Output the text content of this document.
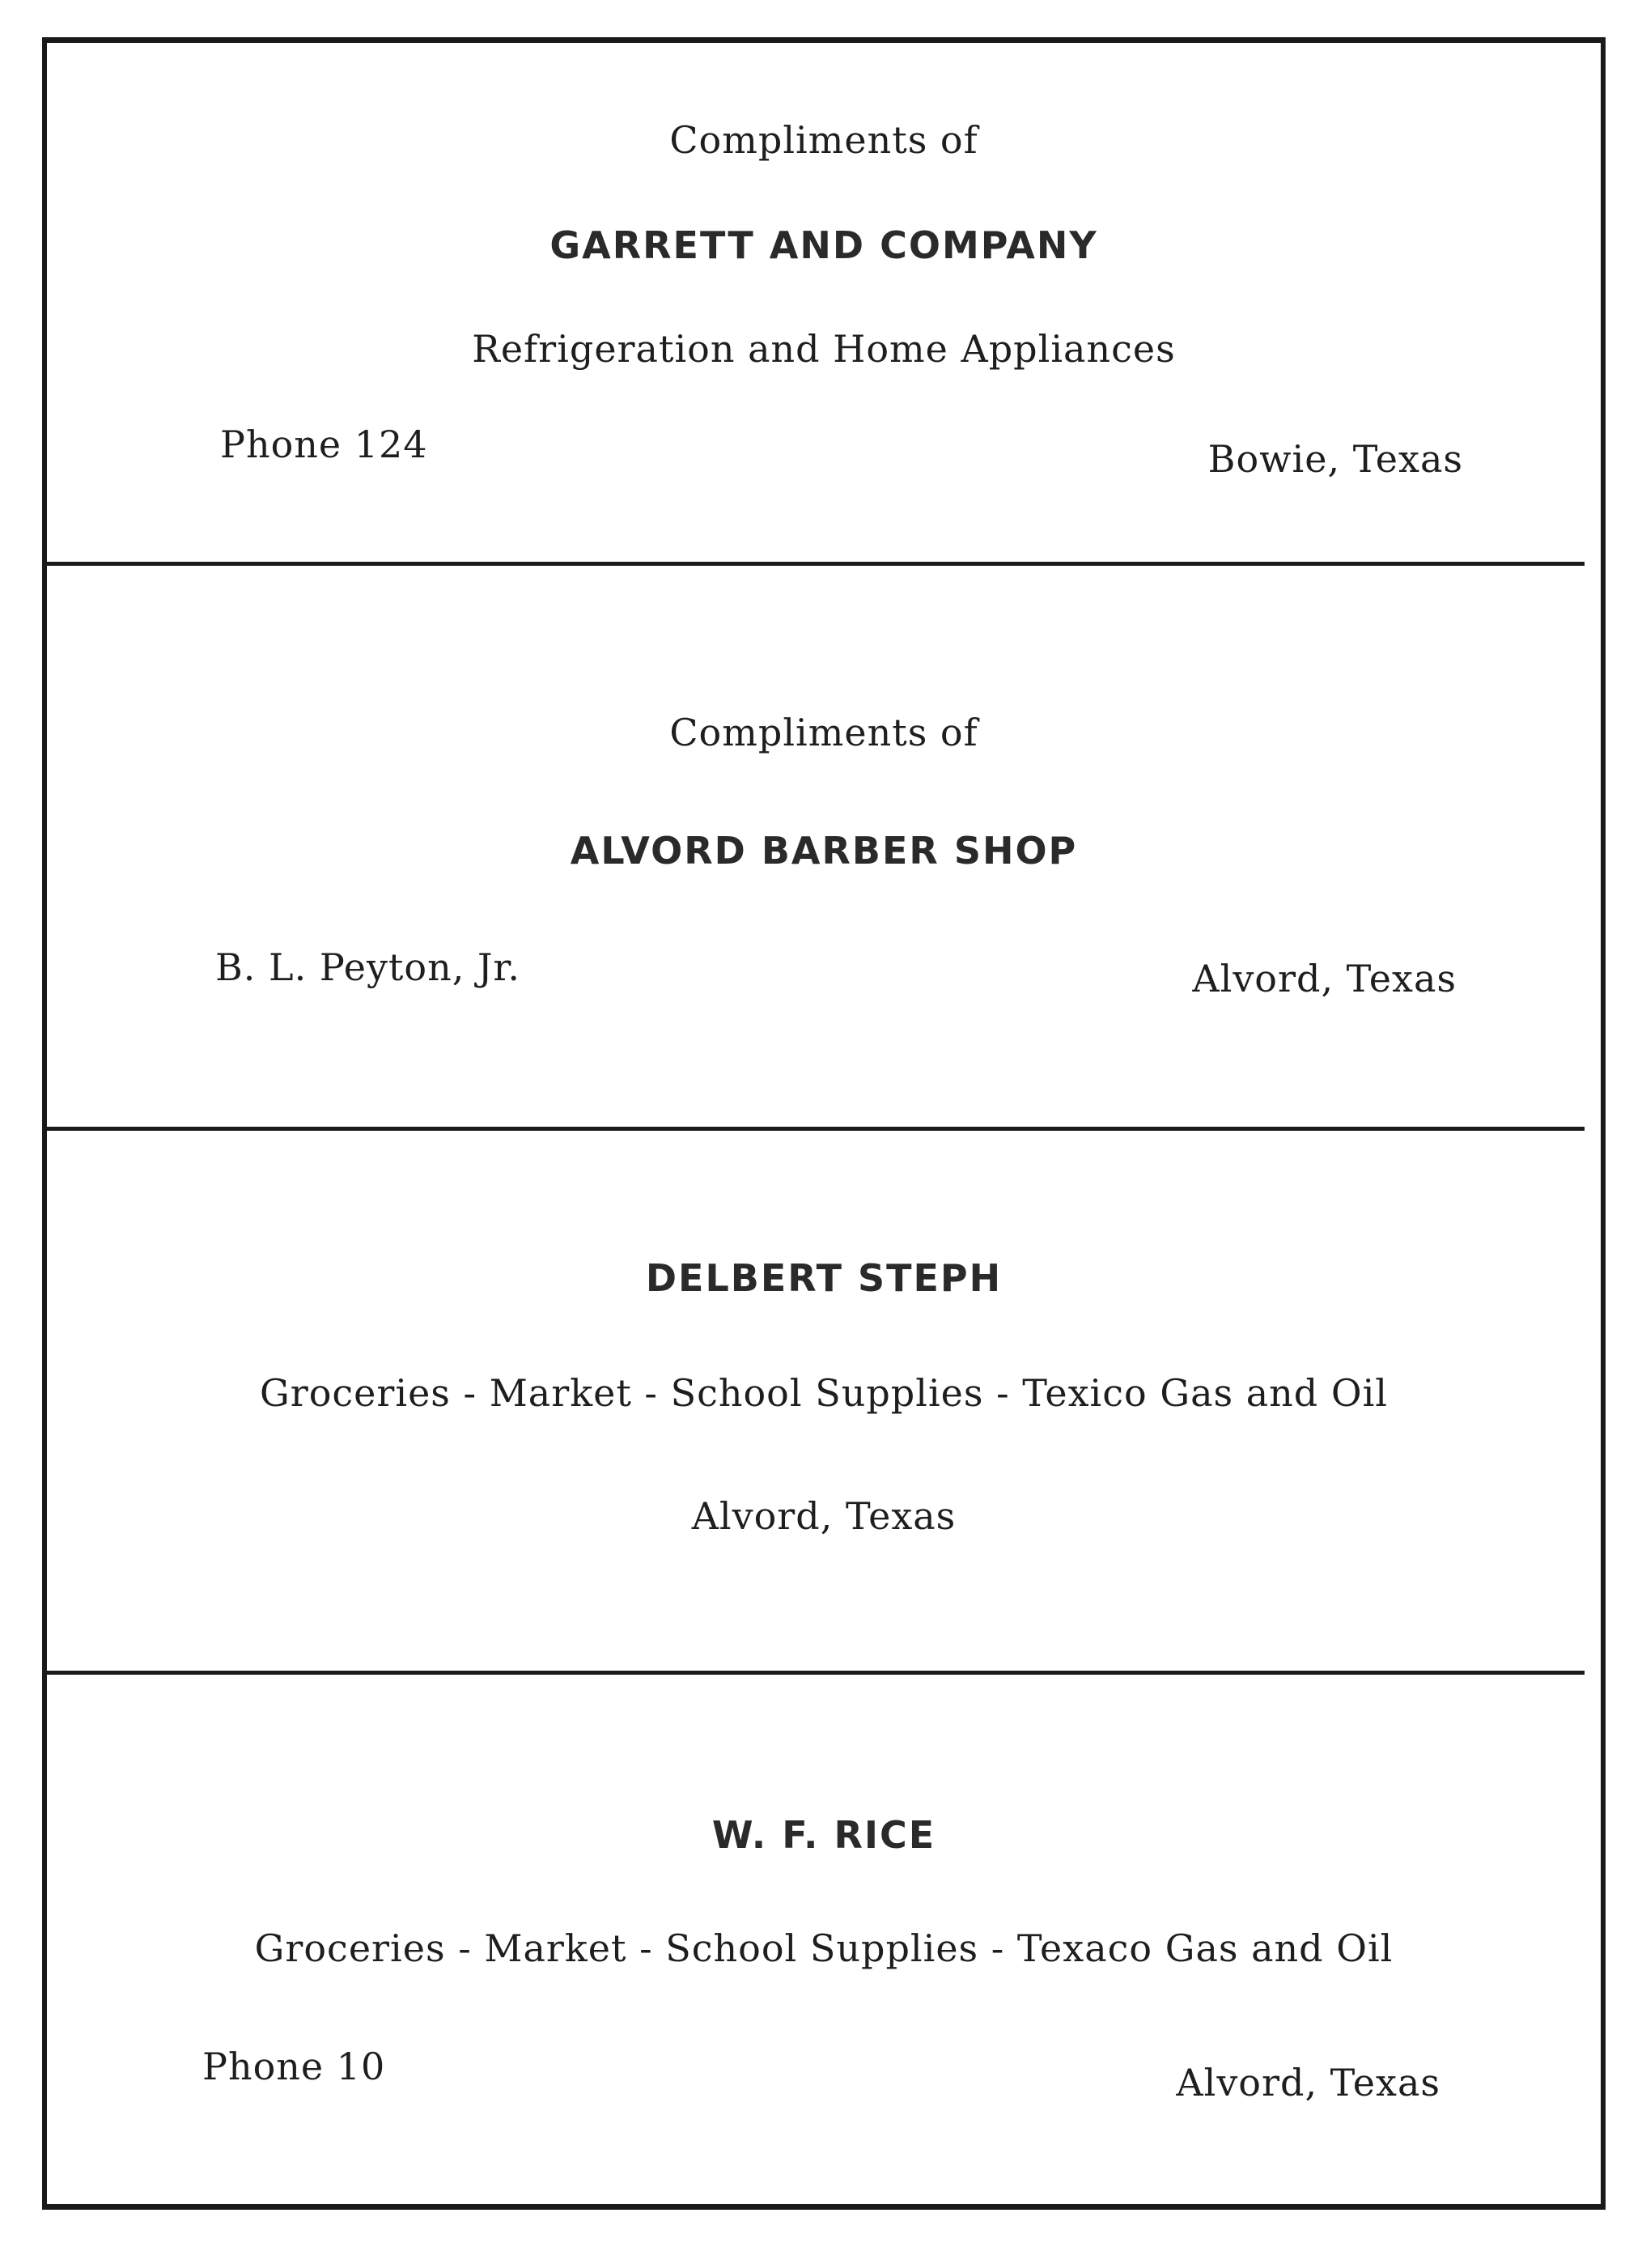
Compliments of
GARRETT AND COMPANY
Refrigeration and Home Appliances
Phone 124	Bowie, Texas
Compliments of
ALVORD BARBER SHOP
B. L. Peyton, Jr.	Alvord, Texas
DELBERT STEPH
Groceries - Market - School Supplies - Texico Gas and Oil
Alvord, Texas
W. F. RICE
Groceries - Market - School Supplies - Texaco Gas and Oil
Phone 10	Alvord, Texas
